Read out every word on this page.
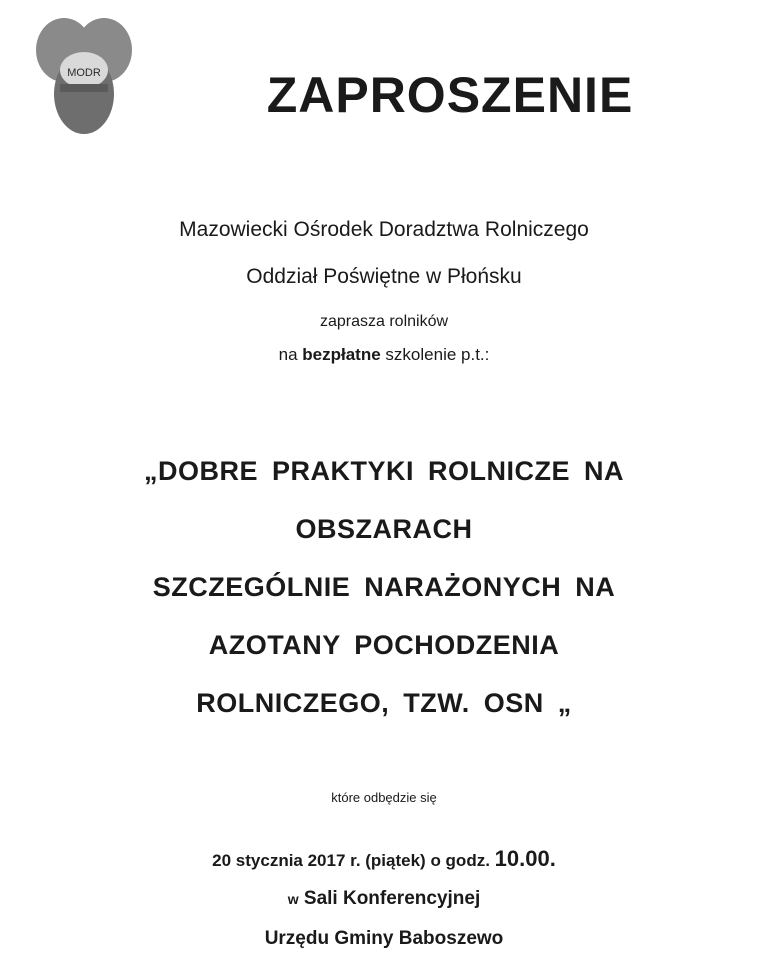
MODR	ZAPROSZENIE
Mazowiecki Ośrodek Doradztwa Rolniczego
Oddział Poświętne w Płońsku
zaprasza rolników
na bezpłatne szkolenie p.t.:
„DOBRE PRAKTYKI ROLNICZE NA
OBSZARACH
SZCZEGÓLNIE NARAŻONYCH NA
AZOTANY POCHODZENIA
ROLNICZEGO, TZW. OSN „
które odbędzie się
20 stycznia 2017 r. (piątek) o godz. 10.00.
w Sali Konferencyjnej
Urzędu Gminy Baboszewo
